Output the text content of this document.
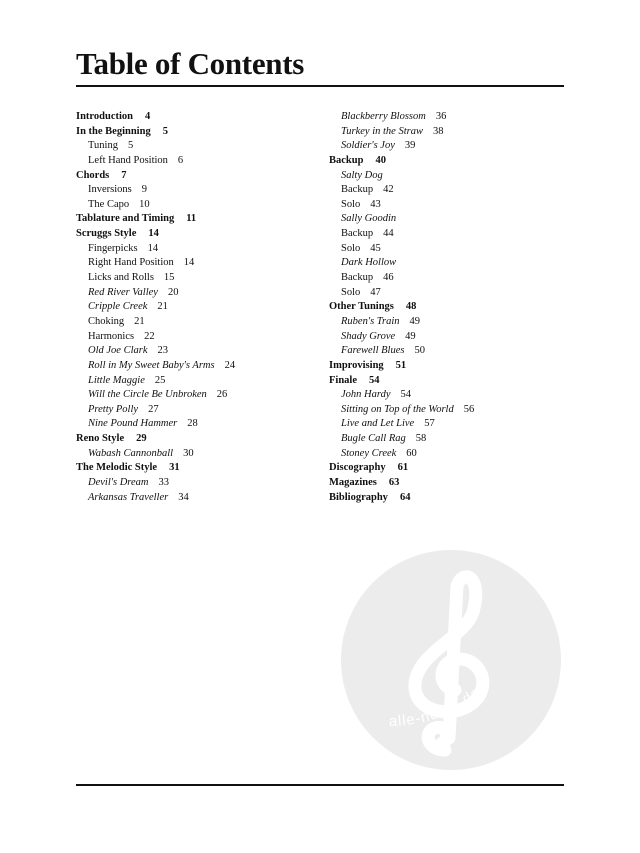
Table of Contents
Introduction 4
In the Beginning 5
Tuning 5
Left Hand Position 6
Chords 7
Inversions 9
The Capo 10
Tablature and Timing 11
Scruggs Style 14
Fingerpicks 14
Right Hand Position 14
Licks and Rolls 15
Red River Valley 20
Cripple Creek 21
Choking 21
Harmonics 22
Old Joe Clark 23
Roll in My Sweet Baby's Arms 24
Little Maggie 25
Will the Circle Be Unbroken 26
Pretty Polly 27
Nine Pound Hammer 28
Reno Style 29
Wabash Cannonball 30
The Melodic Style 31
Devil's Dream 33
Arkansas Traveller 34
Blackberry Blossom 36
Turkey in the Straw 38
Soldier's Joy 39
Backup 40
Salty Dog
Backup 42
Solo 43
Sally Goodin
Backup 44
Solo 45
Dark Hollow
Backup 46
Solo 47
Other Tunings 48
Ruben's Train 49
Shady Grove 49
Farewell Blues 50
Improvising 51
Finale 54
John Hardy 54
Sitting on Top of the World 56
Live and Let Live 57
Bugle Call Rag 58
Stoney Creek 60
Discography 61
Magazines 63
Bibliography 64
alle-noten.de
